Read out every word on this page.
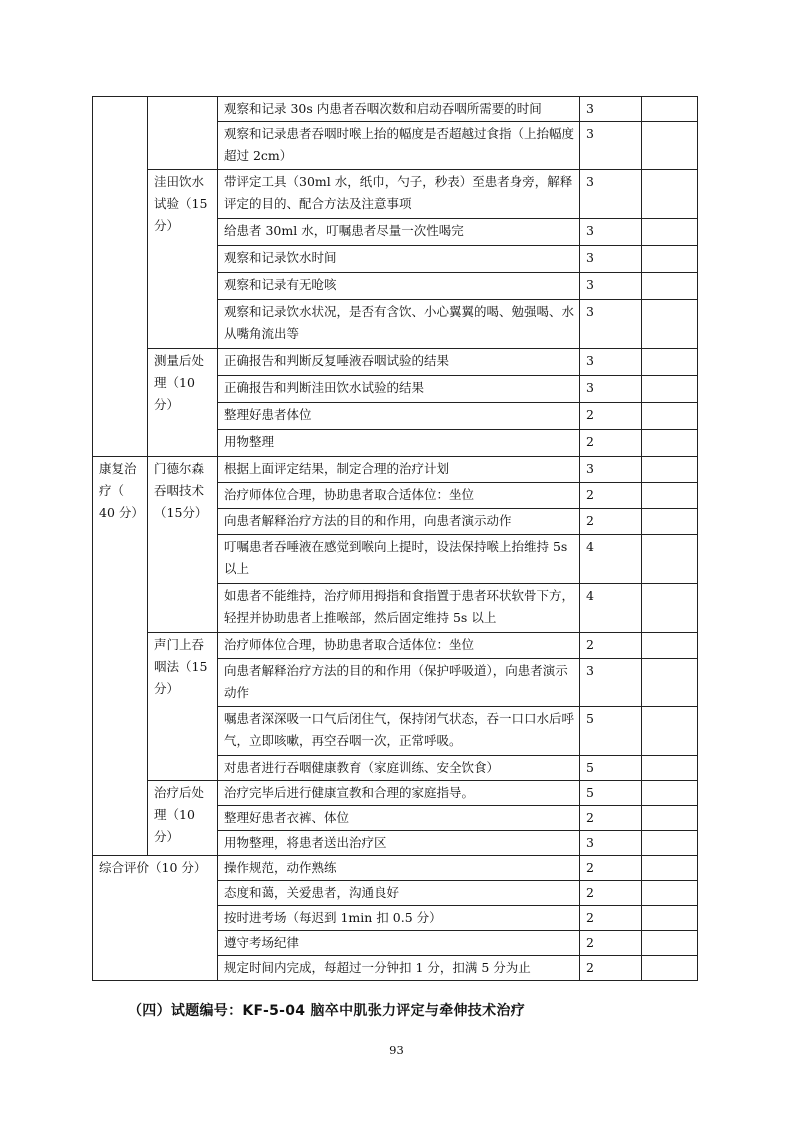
		观察和记录 30s 内患者吞咽次数和启动吞咽所需要的时间	3	
		观察和记录患者吞咽时喉上抬的幅度是否超越过食指（上抬幅度超过 2cm）	3	
	洼田饮水试验（15分）	带评定工具（30ml 水，纸巾，勺子，秒表）至患者身旁，解释评定的目的、配合方法及注意事项	3	
		给患者 30ml 水，叮嘱患者尽量一次性喝完	3	
		观察和记录饮水时间	3	
		观察和记录有无呛咳	3	
		观察和记录饮水状况，是否有含饮、小心翼翼的喝、勉强喝、水从嘴角流出等	3	
	测量后处理（10分）	正确报告和判断反复唾液吞咽试验的结果	3	
		正确报告和判断洼田饮水试验的结果	3	
		整理好患者体位	2	
		用物整理	2	
康复治疗（ 40 分）	门德尔森吞咽技术（15分）	根据上面评定结果，制定合理的治疗计划	3	
		治疗师体位合理，协助患者取合适体位：坐位	2	
		向患者解释治疗方法的目的和作用，向患者演示动作	2	
		叮嘱患者吞唾液在感觉到喉向上提时，设法保持喉上抬维持 5s 以上	4	
		如患者不能维持，治疗师用拇指和食指置于患者环状软骨下方，轻捏并协助患者上推喉部，然后固定维持 5s 以上	4	
	声门上吞咽法（15分）	治疗师体位合理，协助患者取合适体位：坐位	2	
		向患者解释治疗方法的目的和作用（保护呼吸道），向患者演示动作	3	
		嘱患者深深吸一口气后闭住气，保持闭气状态，吞一口口水后呼气，立即咳嗽，再空吞咽一次，正常呼吸。	5	
		对患者进行吞咽健康教育（家庭训练、安全饮食）	5	
	治疗后处理（10分）	治疗完毕后进行健康宣教和合理的家庭指导。	5	
		整理好患者衣裤、体位	2	
		用物整理，将患者送出治疗区	3	
综合评价（10 分）		操作规范，动作熟练	2	
		态度和蔼，关爱患者，沟通良好	2	
		按时进考场（每迟到 1min 扣 0.5 分）	2	
		遵守考场纪律	2	
		规定时间内完成，每超过一分钟扣 1 分，扣满 5 分为止	2	
（四）试题编号：KF-5-04 脑卒中肌张力评定与牵伸技术治疗
93
